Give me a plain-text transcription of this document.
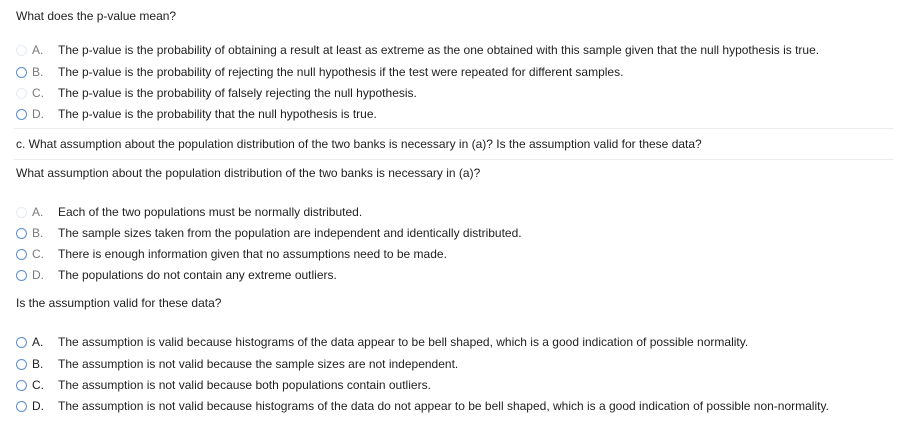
What does the p-value mean?
A.	The p-value is the probability of obtaining a result at least as extreme as the one obtained with this sample given that the null hypothesis is true.
B.	The p-value is the probability of rejecting the null hypothesis if the test were repeated for different samples.
C.	The p-value is the probability of falsely rejecting the null hypothesis.
D.	The p-value is the probability that the null hypothesis is true.
c. What assumption about the population distribution of the two banks is necessary in (a)? Is the assumption valid for these data?
What assumption about the population distribution of the two banks is necessary in (a)?
A.	Each of the two populations must be normally distributed.
B.	The sample sizes taken from the population are independent and identically distributed.
C.	There is enough information given that no assumptions need to be made.
D.	The populations do not contain any extreme outliers.
Is the assumption valid for these data?
A.	The assumption is valid because histograms of the data appear to be bell shaped, which is a good indication of possible normality.
B.	The assumption is not valid because the sample sizes are not independent.
C.	The assumption is not valid because both populations contain outliers.
D.	The assumption is not valid because histograms of the data do not appear to be bell shaped, which is a good indication of possible non-normality.
